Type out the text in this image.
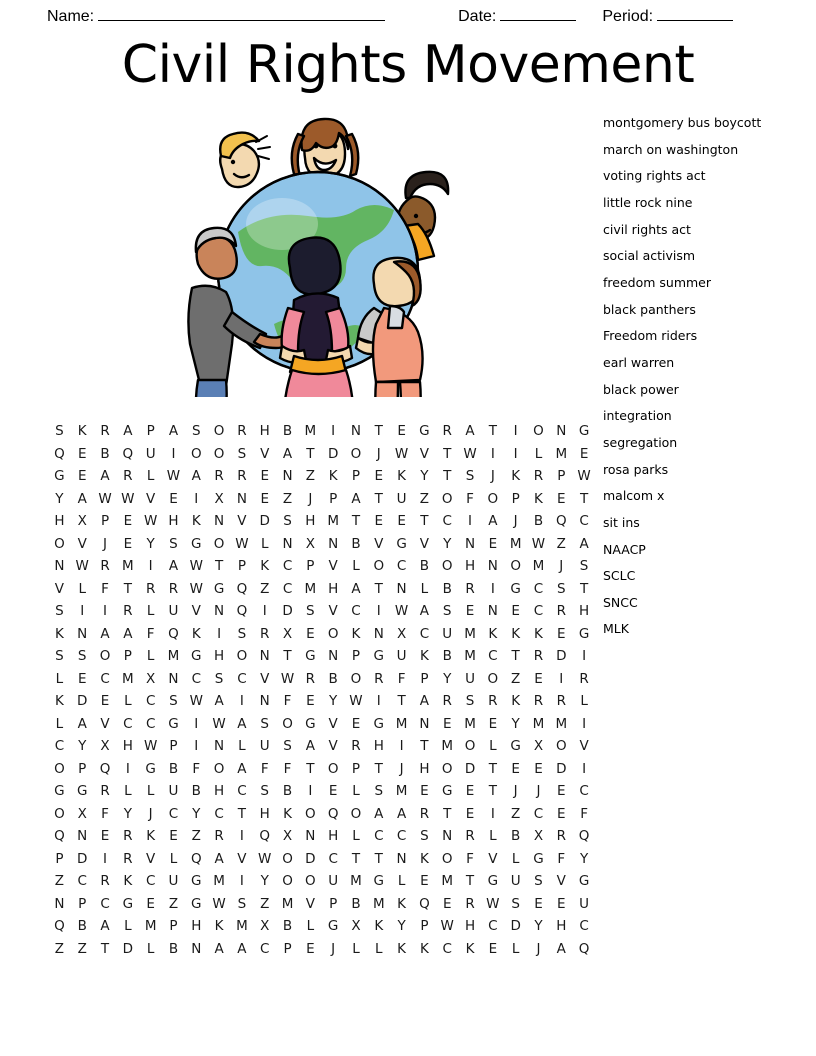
Name:	Date:	Period:
Civil Rights Movement
montgomery bus boycott
march on washington
voting rights act
little rock nine
civil rights act
social activism
freedom summer
black panthers
Freedom riders
earl warren
black power
integration
segregation
rosa parks
malcom x
sit ins
NAACP
SCLC
SNCC
MLK
S	K	R	A	P	A	S O R H B M	I	N	T	E G R	A	T	I	O N G
Q E	B Q U	I	O O S	V	A	T D O	J	W V	T W	I	I	L M E
G E	A R	L W A R R	E N Z	K	P	E	K	Y	T	S	J	K	R	P W
Y	A W W V	E	I	X N	E	Z	J	P	A	T	U Z O	F	O P	K	E	T
H X	P	E W H K N V D S H M T	E	E	T	C	I	A	J	B Q C
O V	J	E	Y	S G O W L	N X N B	V G V	Y	N	E M W Z	A
N W R M	I	A W T	P	K	C	P	V	L	O C B O H N O M	J	S
V	L	F	T	R R W G Q Z C M H A	T	N	L	B R	I	G C	S	T
S	I	I	R	L	U V N Q	I	D S	V C	I	W A	S	E N	E	C R H
K N A	A	F	Q K	I	S	R	X	E O K N X C U M K	K	K	E G
S	S O P	L M G H O N	T G N	P	G U K	B M C	T	R D	I
L	E	C M X N C	S	C V W R B O R	F	P	Y	U O Z	E	I	R
K D E	L	C	S W A	I	N	F	E	Y W	I	T	A R	S	R	K	R R	L
L	A	V C C G	I	W A	S O G V	E G M N	E M E	Y M M	I
C	Y	X H W P	I	N	L	U	S	A	V R H	I	T M O	L	G X O V
O P Q	I	G B	F	O A	F	F	T O P	T	J	H O D T	E	E D	I
G G R	L	L	U B H C	S	B	I	E	L	S M E G E	T	J	J	E	C
O X	F	Y	J	C	Y	C	T	H K O Q O A	A R	T	E	I	Z C	E	F
Q N	E	R	K	E	Z R	I	Q X N H	L	C C	S N R	L	B	X R Q
P	D	I	R	V	L	Q A	V W O D C	T	T	N K O	F	V	L	G	F	Y
Z C R	K	C U G M	I	Y O O U M G	L	E M T G U	S	V G
N	P	C G E	Z G W S	Z M V	P	B M K Q E	R W S	E	E	U
Q B	A	L M P	H K M X	B	L	G X	K	Y	P W H C D Y	H C
Z	Z	T D	L	B N A	A C	P	E	J	L	L	K	K	C	K	E	L	J	A Q
